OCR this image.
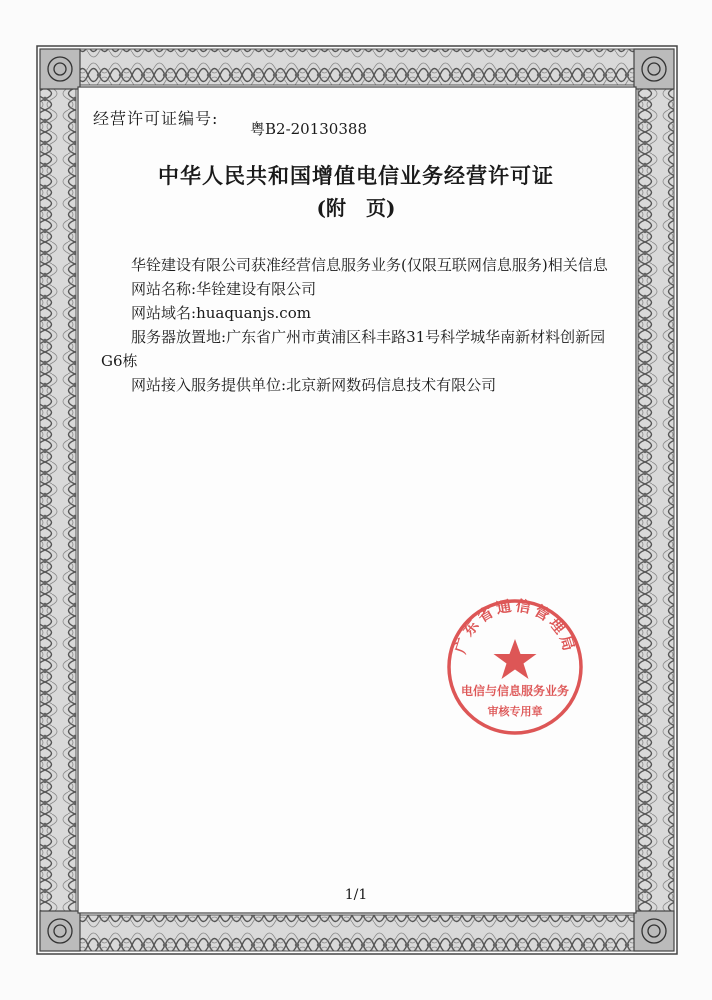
经营许可证编号:
粤B2-20130388
中华人民共和国增值电信业务经营许可证
(附　页)

华铨建设有限公司获准经营信息服务业务(仅限互联网信息服务)相关信息

网站名称:华铨建设有限公司

网站域名:huaquanjs.com

服务器放置地:广东省广州市黄浦区科丰路31号科学城华南新材料创新园G6栋

网站接入服务提供单位:北京新网数码信息技术有限公司

广东省通信管理局
电信与信息服务业务
审核专用章
1/1
